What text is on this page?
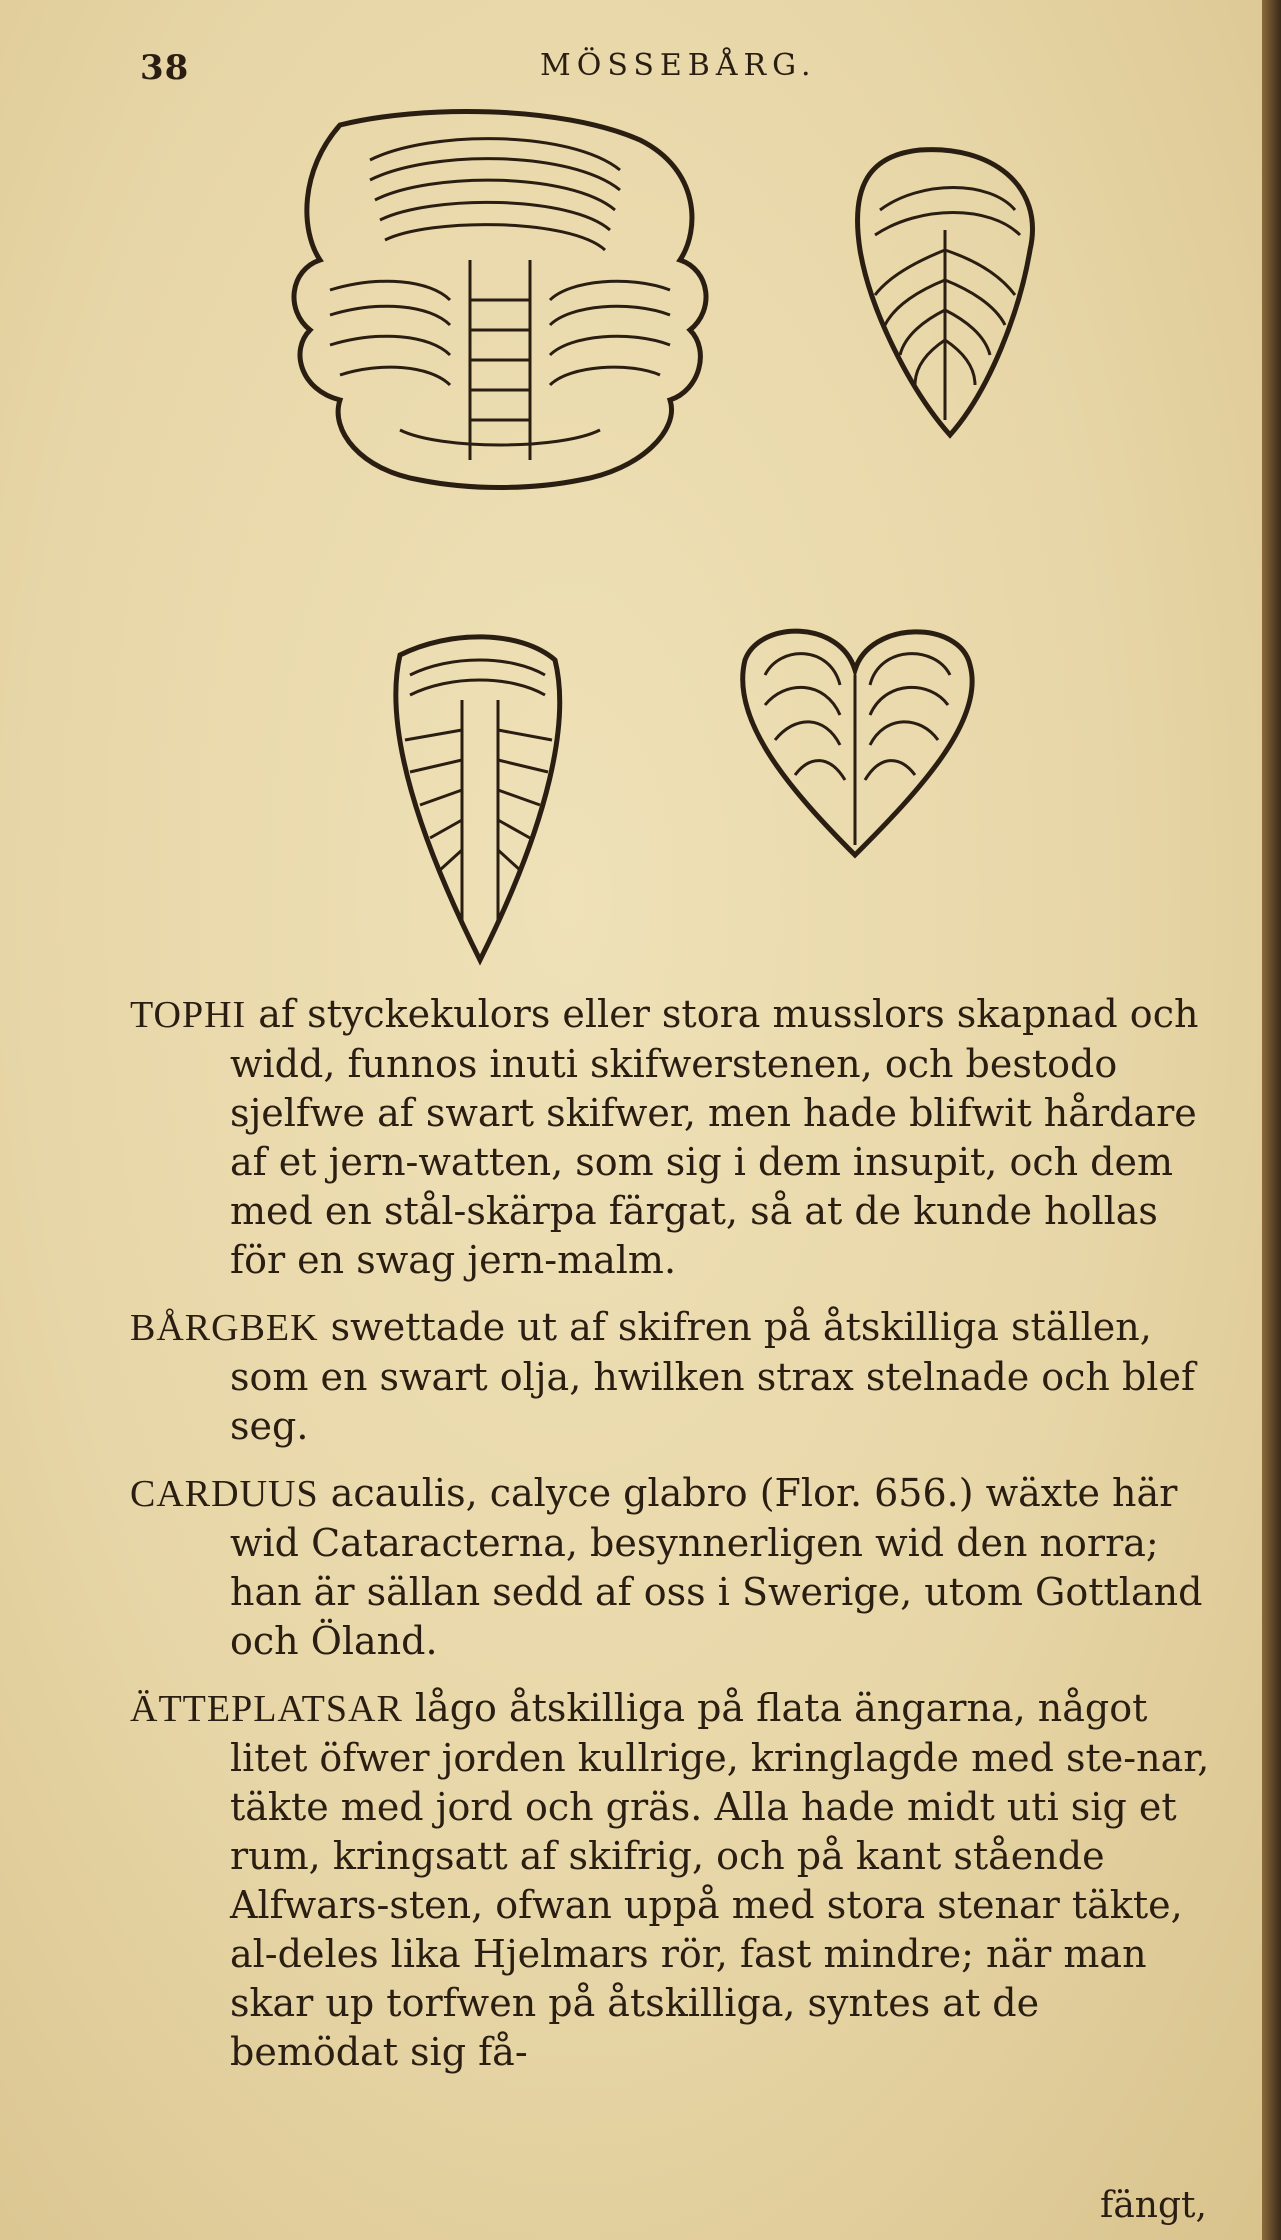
38	MÖSSEBÅRG.

TOPHI af styckekulors eller stora musslors skapnad och widd, funnos inuti skifwerstenen, och bestodo sjelfwe af swart skifwer, men hade blifwit hårdare af et jern-watten, som sig i dem insupit, och dem med en stål-skärpa färgat, så at de kunde hollas för en swag jern-malm.

BÅRGBEK swettade ut af skifren på åtskilliga ställen, som en swart olja, hwilken strax stelnade och blef seg.

CARDUUS acaulis, calyce glabro (Flor. 656.) wäxte här wid Cataracterna, besynnerligen wid den norra; han är sällan sedd af oss i Swerige, utom Gottland och Öland.

ÄTTEPLATSAR lågo åtskilliga på flata ängarna, något litet öfwer jorden kullrige, kringlagde med ste-nar, täkte med jord och gräs. Alla hade midt uti sig et rum, kringsatt af skifrig, och på kant stående Alfwars-sten, ofwan uppå med stora stenar täkte, al-deles lika Hjelmars rör, fast mindre; när man skar up torfwen på åtskilliga, syntes at de bemödat sig få-

fängt,
